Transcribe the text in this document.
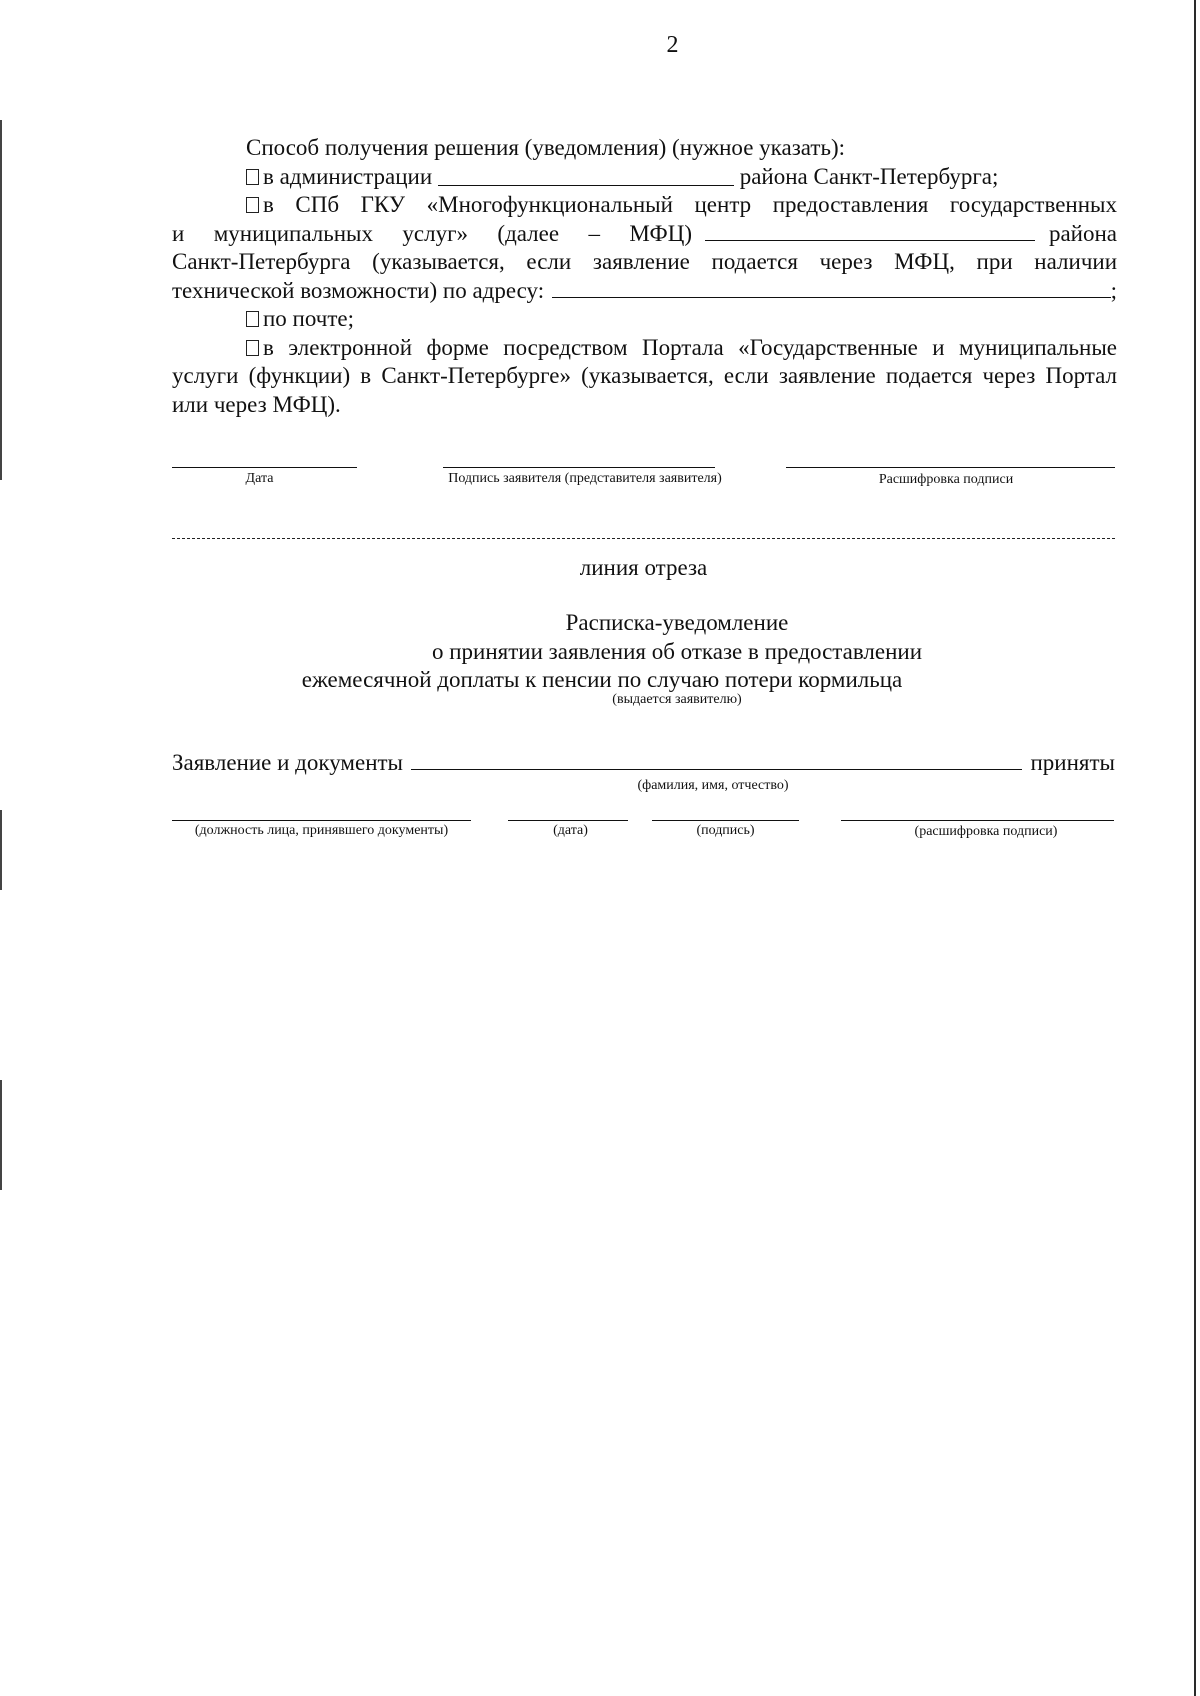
2
Способ получения решения (уведомления) (нужное указать):
в администрации	района Санкт-Петербурга;
в СПб ГКУ «Многофункциональный центр предоставления государственных
и муниципальных услуг» (далее – МФЦ)	района
Санкт-Петербурга (указывается, если заявление подается через МФЦ, при наличии
технической возможности) по адресу:	;
по почте;
в электронной форме посредством Портала «Государственные и муниципальные
услуги (функции) в Санкт-Петербурге» (указывается, если заявление подается через Портал
или через МФЦ).
Дата	Подпись заявителя (представителя заявителя)	Расшифровка подписи
линия отреза
Расписка-уведомление
о принятии заявления об отказе в предоставлении
ежемесячной доплаты к пенсии по случаю потери кормильца
(выдается заявителю)
Заявление и документы	приняты
(фамилия, имя, отчество)
(должность лица, принявшего документы)	(дата)	(подпись)	(расшифровка подписи)
